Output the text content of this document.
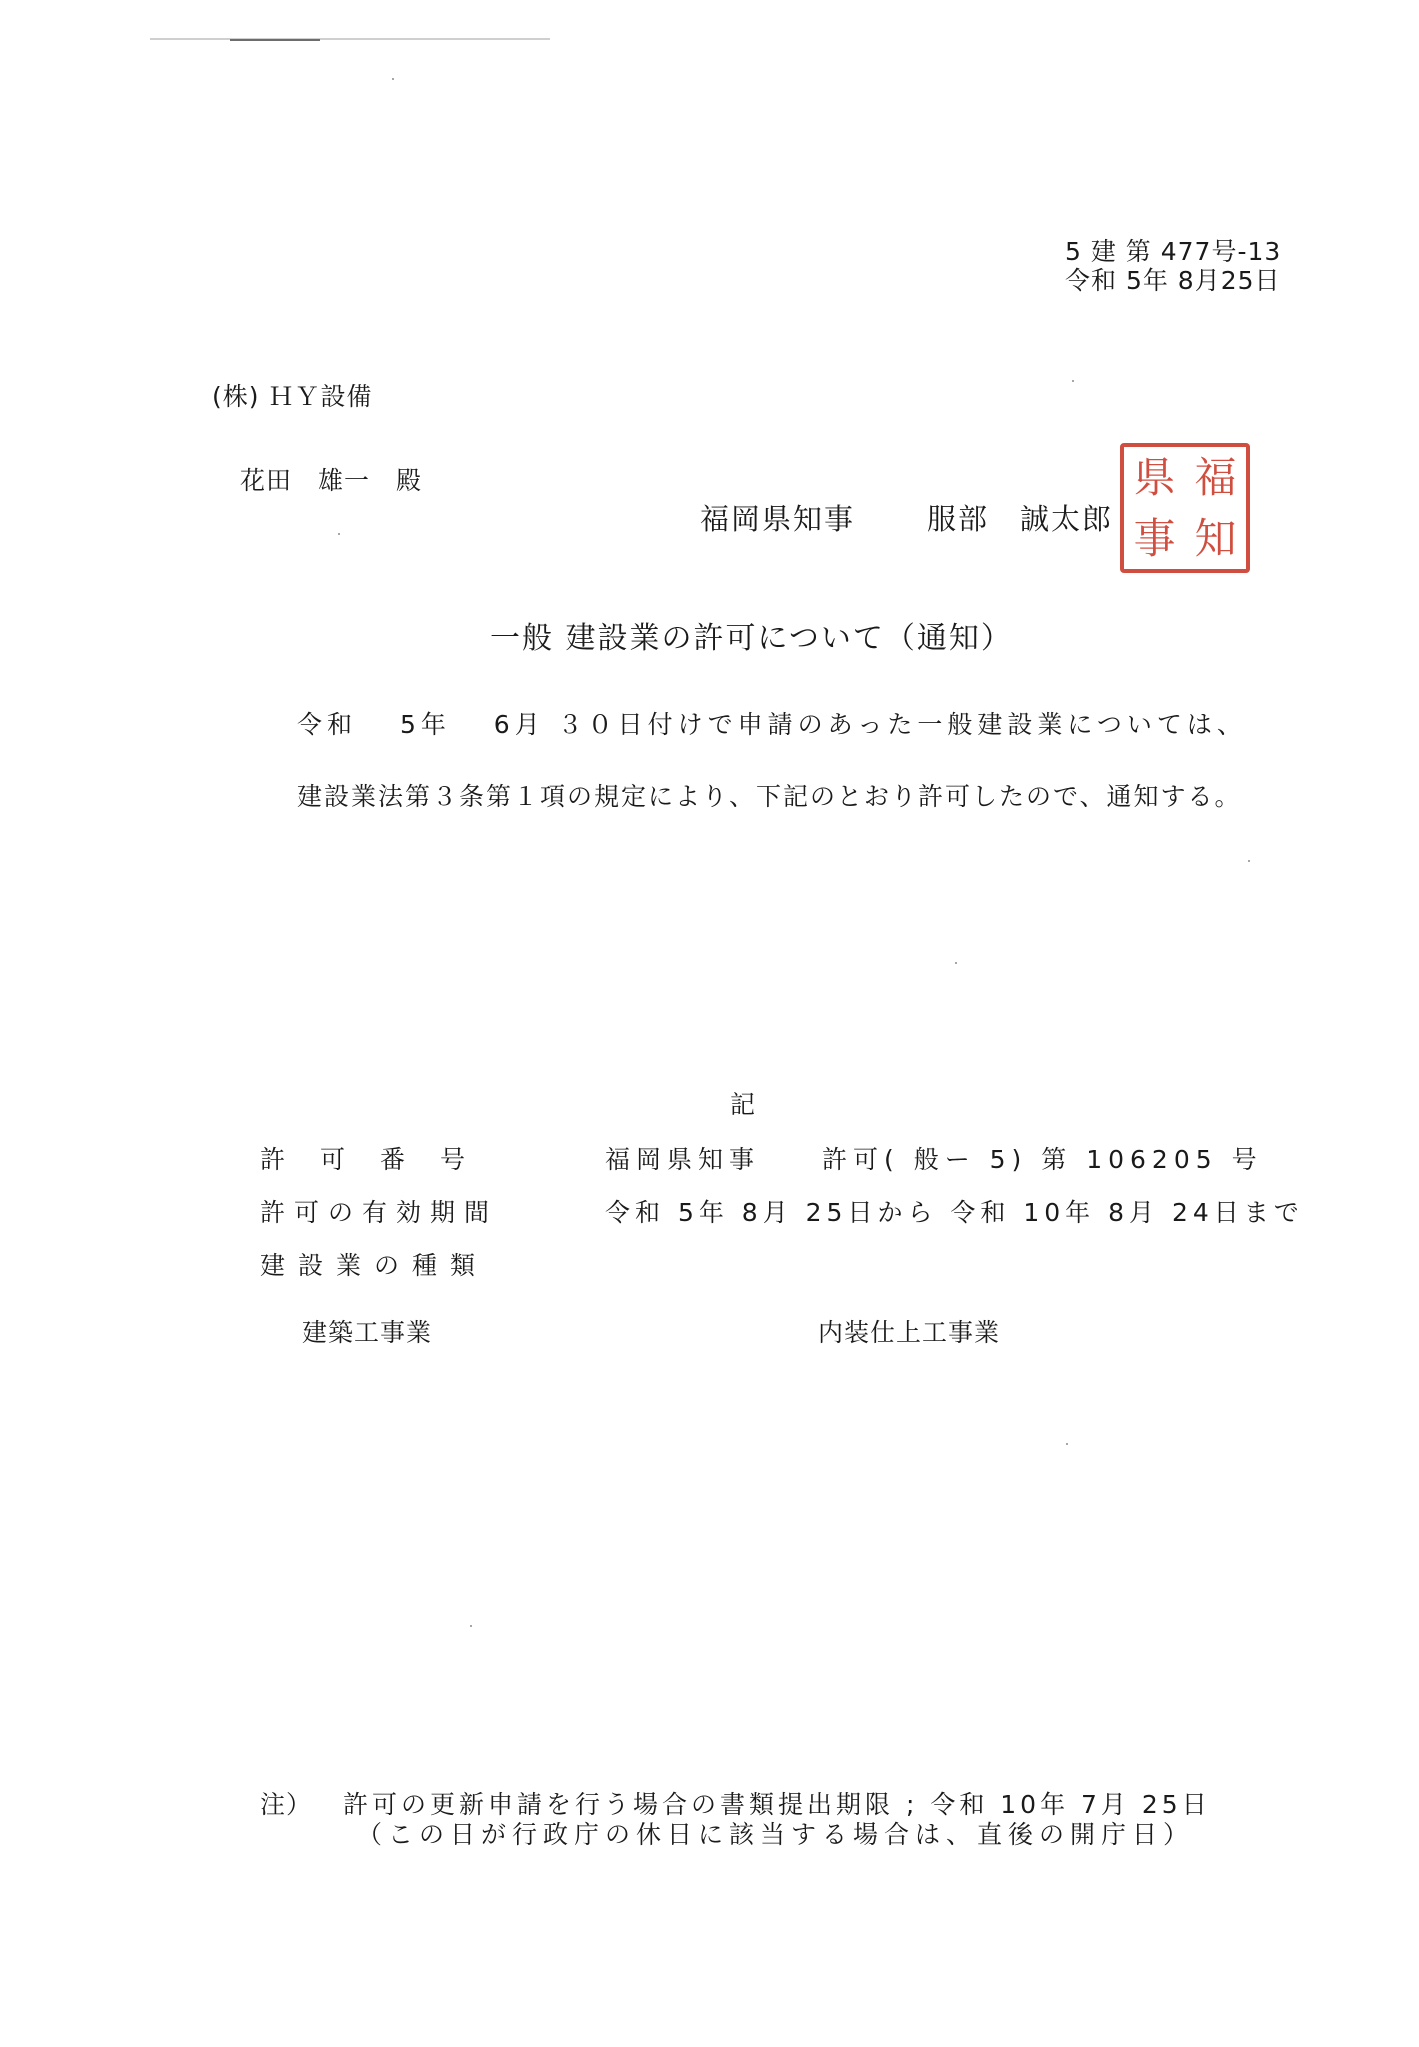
5 建 第 477号-13
令和 5年 8月25日
(株) ＨＹ設備
花田　雄一　殿
福岡県知事 服部　誠太郎
県 福
事 知
一般 建設業の許可について（通知）
令和　 5年　 6月 ３０日付けで申請のあった一般建設業については、
建設業法第３条第１項の規定により、下記のとおり許可したので、通知する。
記
許可番号	福岡県知事　　許可( 般ー 5) 第 106205 号
許可の有効期間	令和 5年 8月 25日から 令和 10年 8月 24日まで
建設業の種類
建築工事業	内装仕上工事業
注） 許可の更新申請を行う場合の書類提出期限 ; 令和 10年 7月 25日
（この日が行政庁の休日に該当する場合は、直後の開庁日）
